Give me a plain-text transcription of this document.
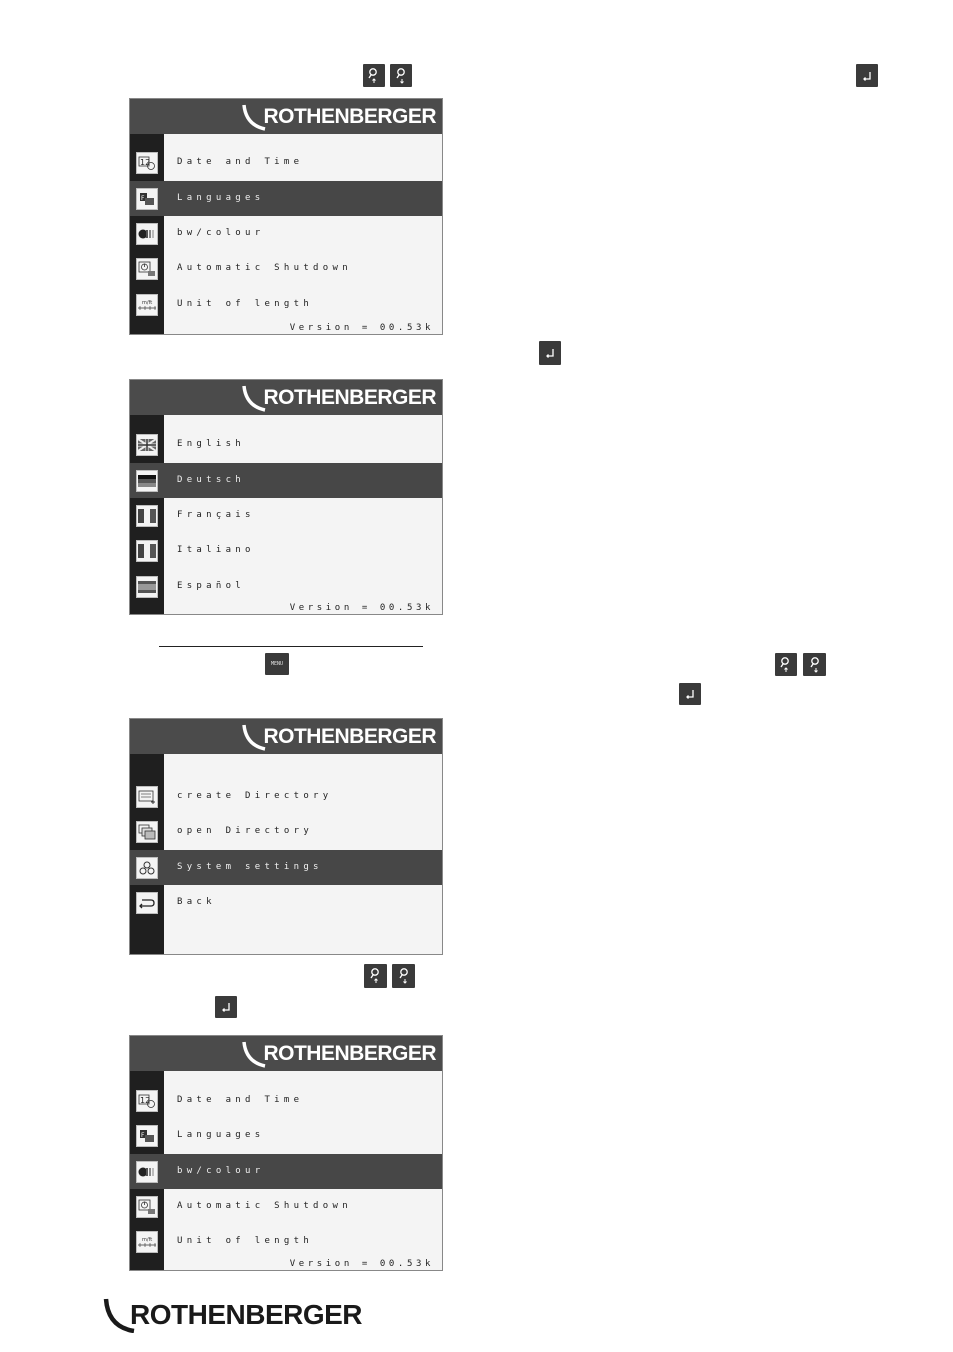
ROTHENBERGER
12	Date and Time
F	Languages
bw/colour
Automatic Shutdown
m/ft	Unit of length
Version = 00.53k
ROTHENBERGER
English
Deutsch
Français
Italiano
Español
Version = 00.53k
MENU
ROTHENBERGER
create Directory
open Directory
System settings
Back
ROTHENBERGER
12	Date and Time
F	Languages
bw/colour
Automatic Shutdown
m/ft	Unit of length
Version = 00.53k
ROTHENBERGER
